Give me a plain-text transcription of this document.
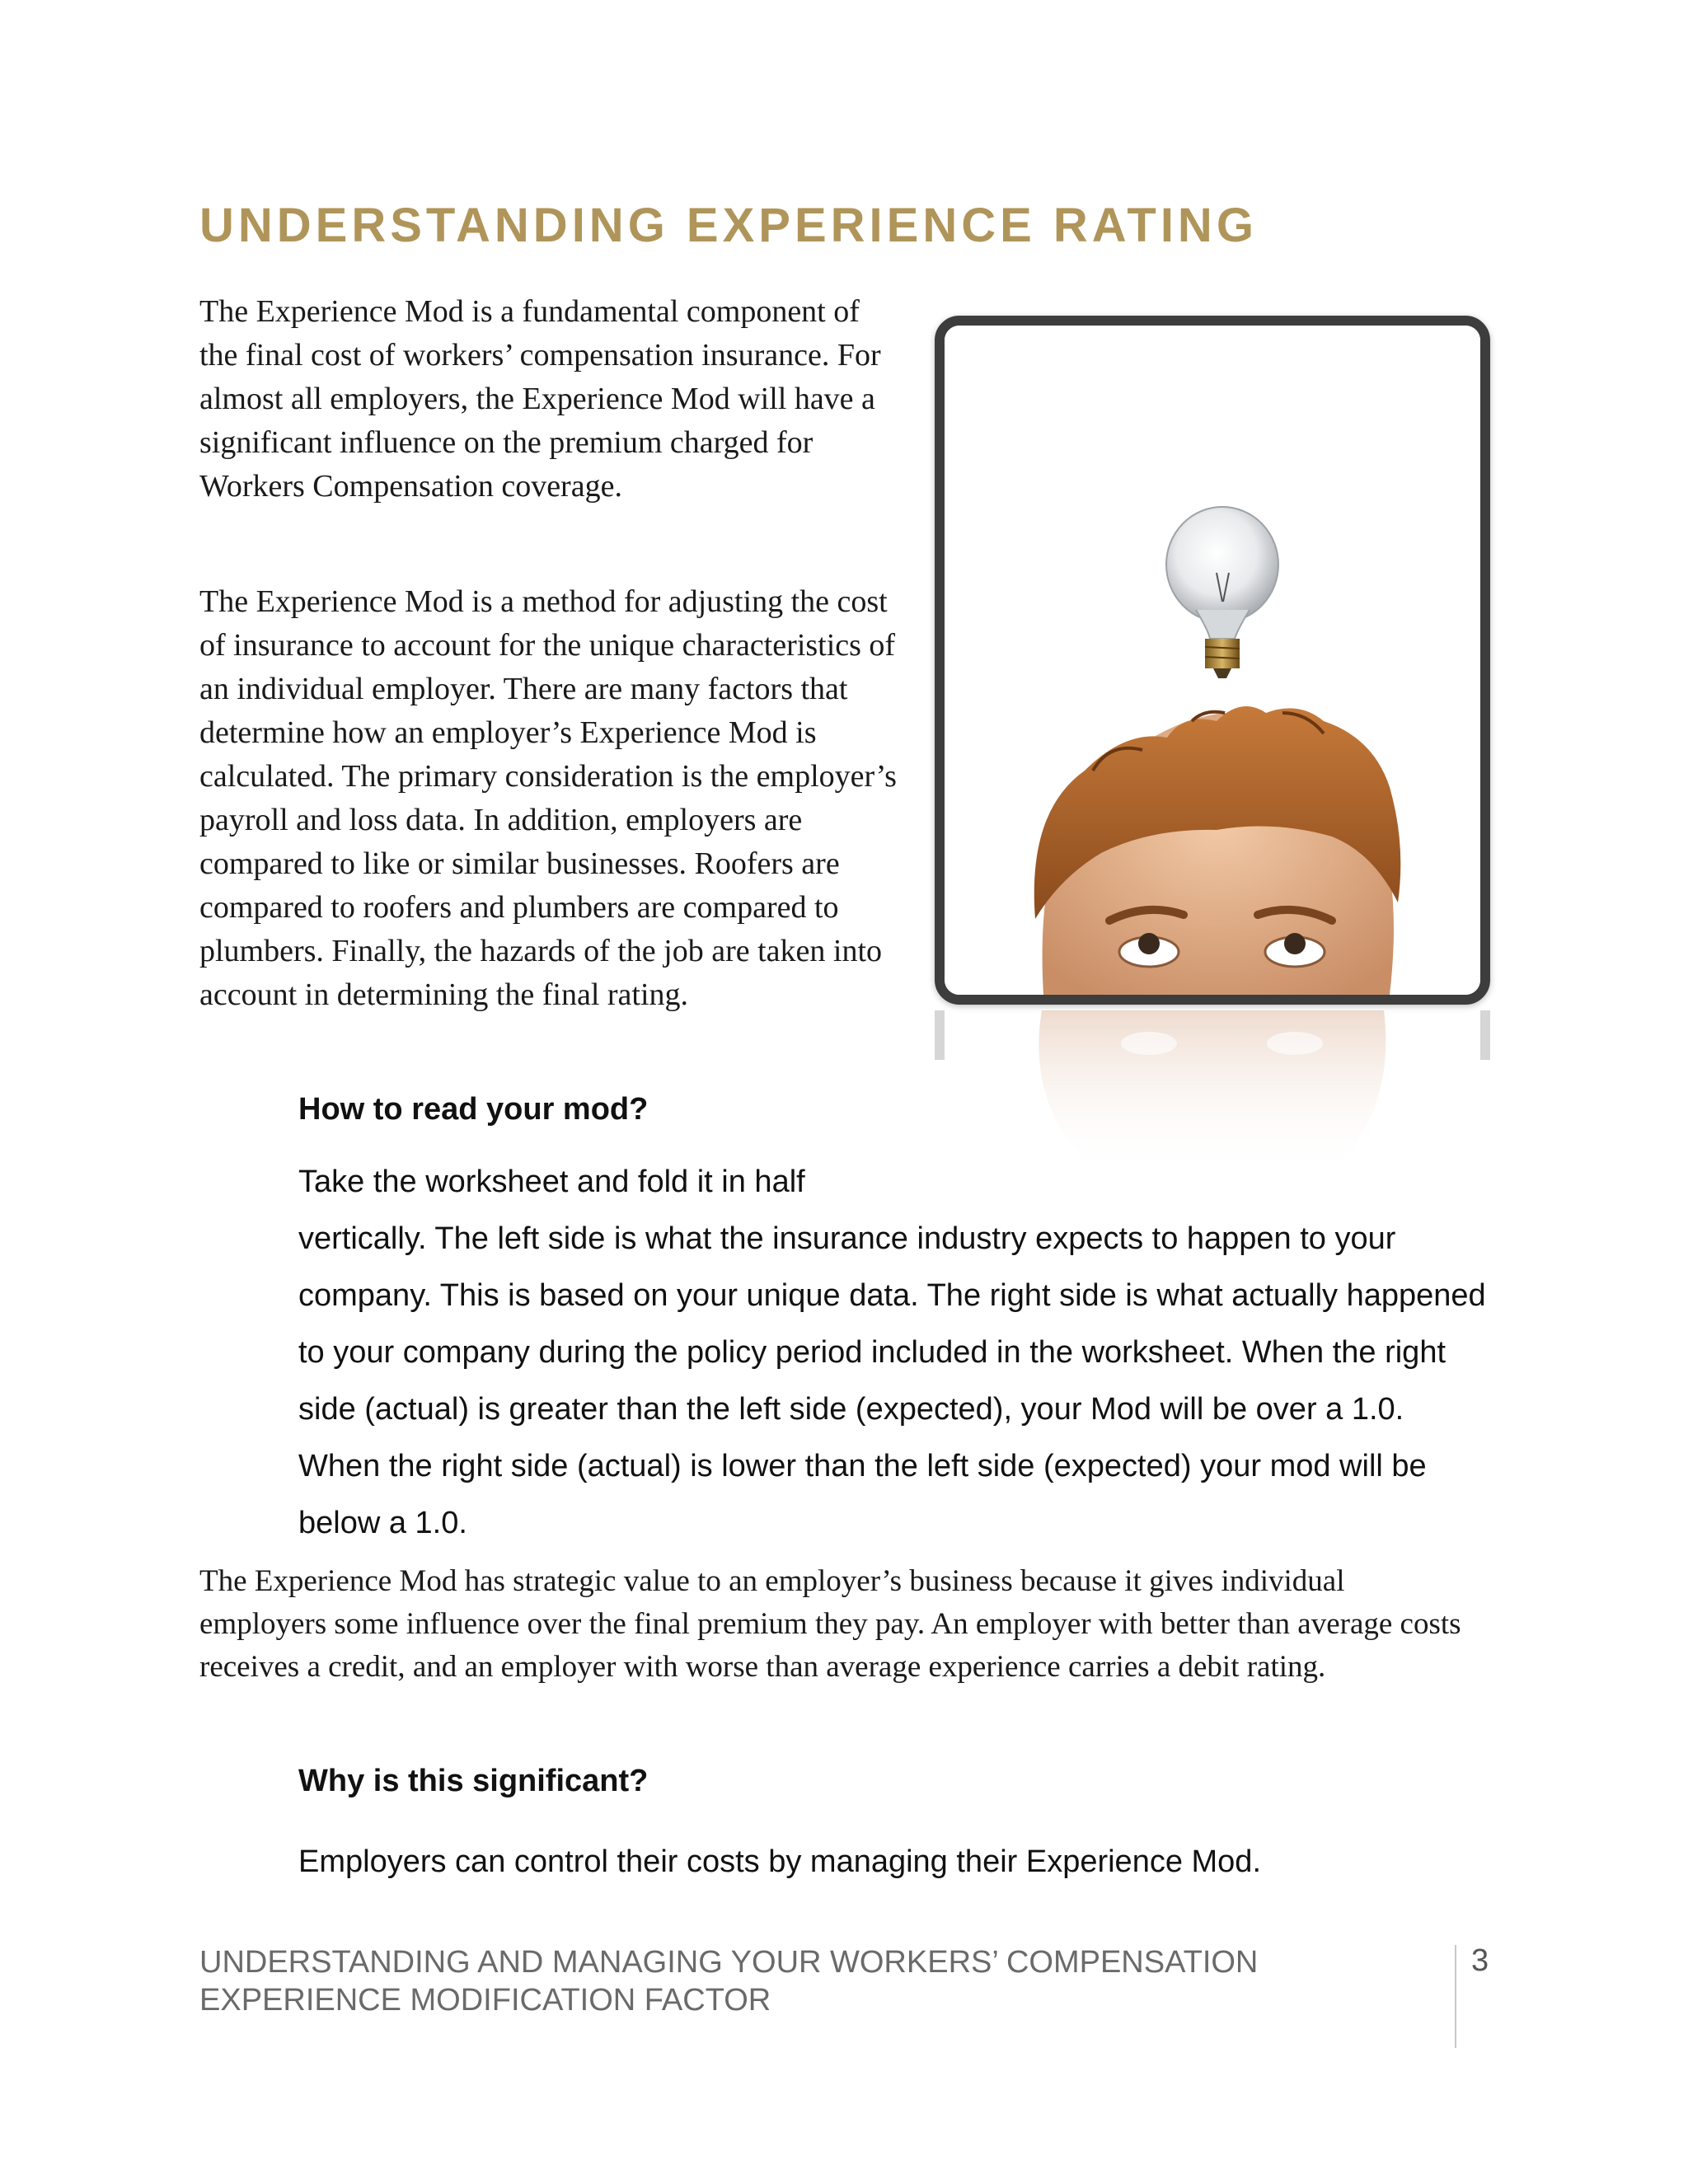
UNDERSTANDING EXPERIENCE RATING

The Experience Mod is a fundamental component of the final cost of workers’ compensation insurance. For almost all employers, the Experience Mod will have a significant influence on the premium charged for Workers Compensation coverage.

The Experience Mod is a method for adjusting the cost of insurance to account for the unique characteristics of an individual employer. There are many factors that determine how an employer’s Experience Mod is calculated. The primary consideration is the employer’s payroll and loss data. In addition, employers are compared to like or similar businesses. Roofers are compared to roofers and plumbers are compared to plumbers. Finally, the hazards of the job are taken into account in determining the final rating.

How to read your mod?

Take the worksheet and fold it in half

vertically. The left side is what the insurance industry expects to happen to your company. This is based on your unique data. The right side is what actually happened to your company during the policy period included in the worksheet. When the right side (actual) is greater than the left side (expected), your Mod will be over a 1.0. When the right side (actual) is lower than the left side (expected) your mod will be below a 1.0.

The Experience Mod has strategic value to an employer’s business because it gives individual employers some influence over the final premium they pay. An employer with better than average costs receives a credit, and an employer with worse than average experience carries a debit rating.

Why is this significant?

Employers can control their costs by managing their Experience Mod.

UNDERSTANDING AND MANAGING YOUR WORKERS’ COMPENSATION EXPERIENCE MODIFICATION FACTOR

3
